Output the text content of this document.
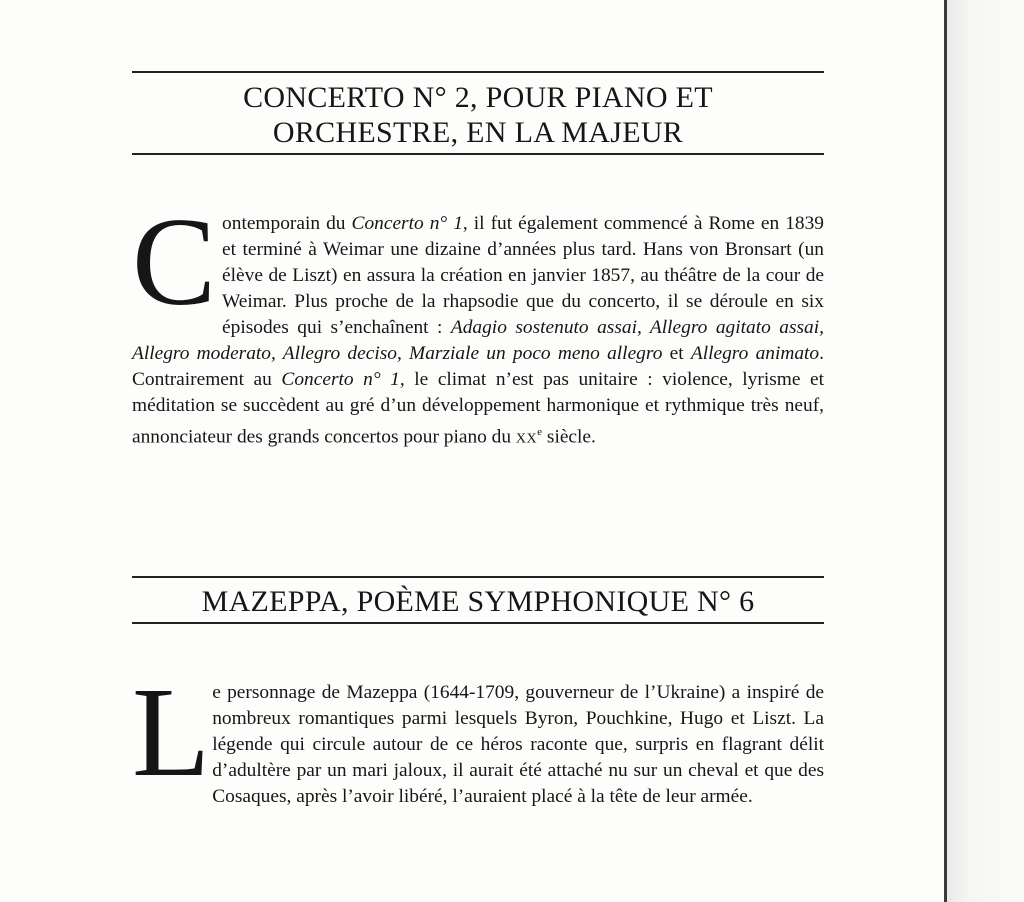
CONCERTO N° 2, POUR PIANO ET
ORCHESTRE, EN LA MAJEUR

Contemporain du Concerto n° 1, il fut également commencé à Rome en 1839 et terminé à Weimar une dizaine d’années plus tard. Hans von Bronsart (un élève de Liszt) en assura la création en janvier 1857, au théâtre de la cour de Weimar. Plus proche de la rhapsodie que du concerto, il se déroule en six épisodes qui s’enchaînent : Adagio sostenuto assai, Allegro agitato assai, Allegro moderato, Allegro deciso, Marziale un poco meno allegro et Allegro animato. Contrairement au Concerto n° 1, le climat n’est pas unitaire : violence, lyrisme et méditation se succèdent au gré d’un développement harmonique et rythmique très neuf, annonciateur des grands concertos pour piano du XXe siècle.

MAZEPPA, POÈME SYMPHONIQUE N° 6

Le personnage de Mazeppa (1644-1709, gouverneur de l’Ukraine) a inspiré de nombreux romantiques parmi lesquels Byron, Pouchkine, Hugo et Liszt. La légende qui circule autour de ce héros raconte que, surpris en flagrant délit d’adultère par un mari jaloux, il aurait été attaché nu sur un cheval et que des Cosaques, après l’avoir libéré, l’auraient placé à la tête de leur armée.
